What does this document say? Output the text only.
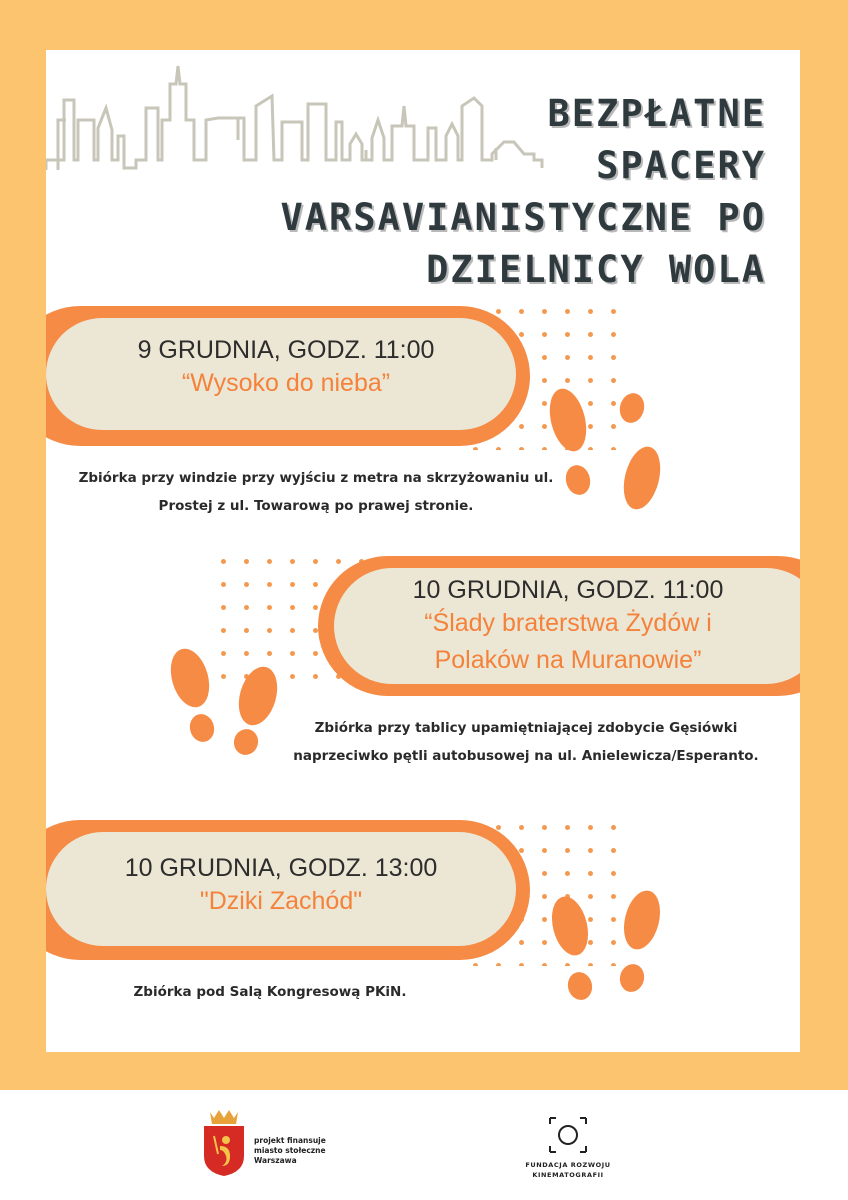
BEZPŁATNE
SPACERY
VARSAVIANISTYCZNE PO
DZIELNICY WOLA
9 GRUDNIA, GODZ. 11:00
“Wysoko do nieba”
Zbiórka przy windzie przy wyjściu z metra na skrzyżowaniu ul.
Prostej z ul. Towarową po prawej stronie.
10 GRUDNIA, GODZ. 11:00
“Ślady braterstwa Żydów i
Polaków na Muranowie”
Zbiórka przy tablicy upamiętniającej zdobycie Gęsiówki
naprzeciwko pętli autobusowej na ul. Anielewicza/Esperanto.
10 GRUDNIA, GODZ. 13:00
"Dziki Zachód"
Zbiórka pod Salą Kongresową PKiN.
projekt finansuje
miasto stołeczne
Warszawa	FUNDACJA ROZWOJU
KINEMATOGRAFII
